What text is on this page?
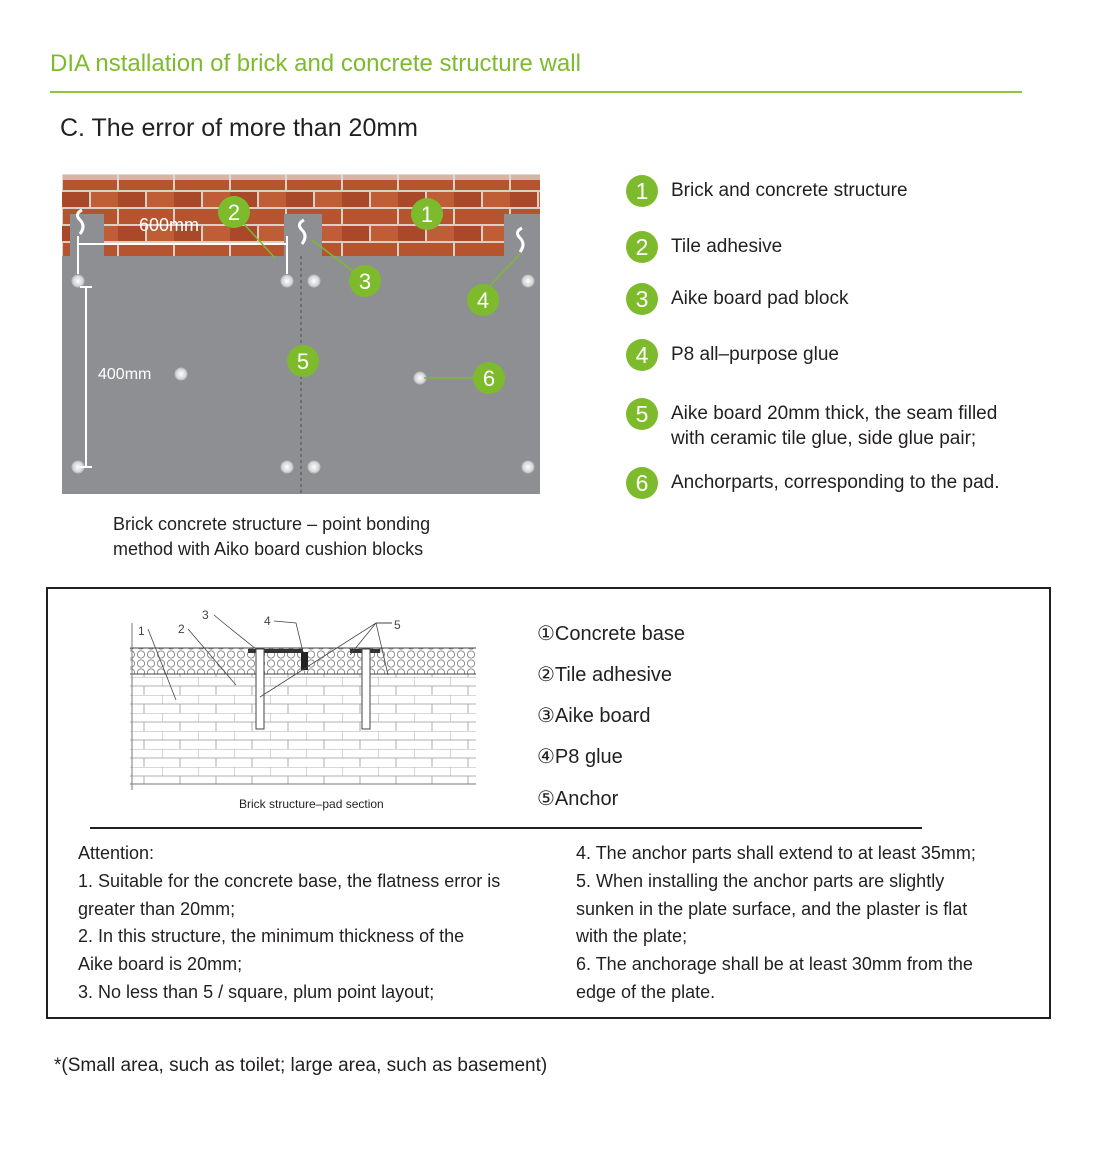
DIA nstallation of brick and concrete structure wall
C. The error of more than 20mm
600mm
400mm
2	1
3
4
5
6
Brick concrete structure – point bonding
method with Aiko board cushion blocks
1	Brick and concrete structure
2	Tile adhesive
3	Aike board pad block
4	P8 all–purpose glue
5	Aike board 20mm thick, the seam filled
with ceramic tile glue, side glue pair;
6	Anchorparts, corresponding to the pad.
1	2
3	4	5
Brick structure–pad section
①Concrete base
②Tile adhesive
③Aike board
④P8 glue
⑤Anchor
Attention:
1. Suitable for the concrete base, the flatness error is
greater than 20mm;
2. In this structure, the minimum thickness of the
Aike board is 20mm;
3. No less than 5 / square, plum point layout;
4. The anchor parts shall extend to at least 35mm;
5. When installing the anchor parts are slightly
sunken in the plate surface, and the plaster is flat
with the plate;
6. The anchorage shall be at least 30mm from the
edge of the plate.
*(Small area, such as toilet; large area, such as basement)
